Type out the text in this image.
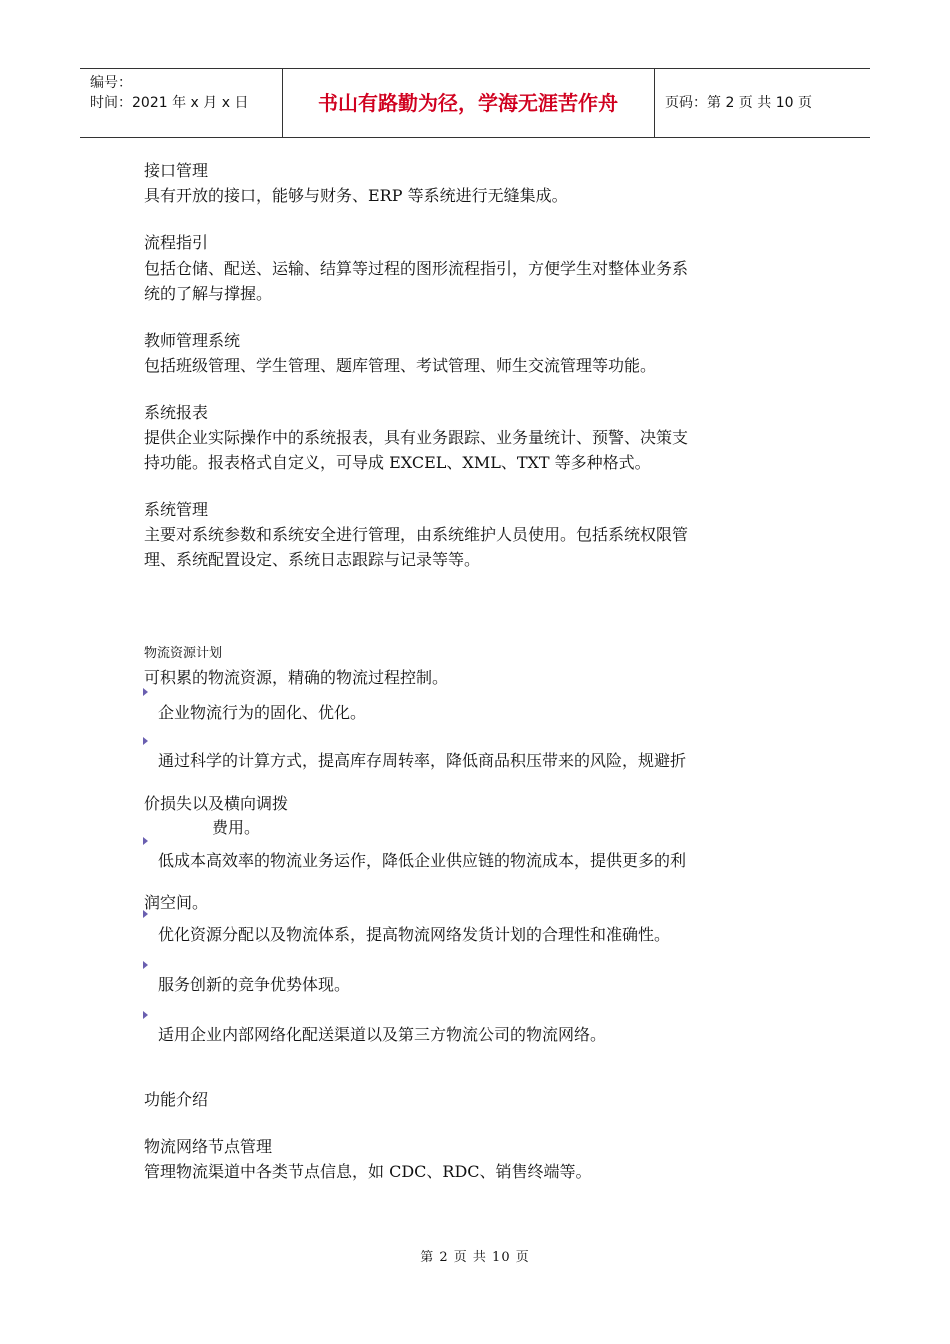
编号：
时间：2021 年 x 月 x 日	书山有路勤为径，学海无涯苦作舟	页码：第 2 页 共 10 页
接口管理
具有开放的接口，能够与财务、ERP 等系统进行无缝集成。
流程指引
包括仓储、配送、运输、结算等过程的图形流程指引，方便学生对整体业务系
统的了解与撑握。
教师管理系统
包括班级管理、学生管理、题库管理、考试管理、师生交流管理等功能。
系统报表
提供企业实际操作中的系统报表，具有业务跟踪、业务量统计、预警、决策支
持功能。报表格式自定义，可导成 EXCEL、XML、TXT 等多种格式。
系统管理
主要对系统参数和系统安全进行管理，由系统维护人员使用。包括系统权限管
理、系统配置设定、系统日志跟踪与记录等等。
物流资源计划
可积累的物流资源，精确的物流过程控制。
企业物流行为的固化、优化。
通过科学的计算方式，提高库存周转率，降低商品积压带来的风险，规避折
价损失以及横向调拨
费用。
低成本高效率的物流业务运作，降低企业供应链的物流成本，提供更多的利
润空间。
优化资源分配以及物流体系，提高物流网络发货计划的合理性和准确性。
服务创新的竞争优势体现。
适用企业内部网络化配送渠道以及第三方物流公司的物流网络。
功能介绍
物流网络节点管理
管理物流渠道中各类节点信息，如 CDC、RDC、销售终端等。
第 2 页 共 10 页
